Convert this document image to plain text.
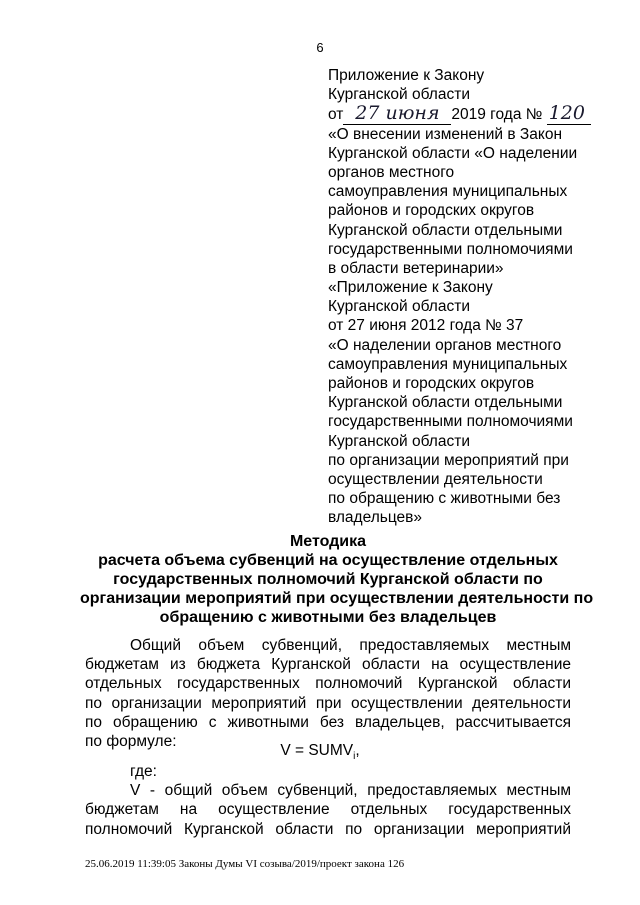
6
Приложение к Закону
Курганской области
от 27 июня 2019 года № 120
«О внесении изменений в Закон
Курганской области «О наделении
органов местного
самоуправления муниципальных
районов и городских округов
Курганской области отдельными
государственными полномочиями
в области ветеринарии»
«Приложение к Закону
Курганской области
от 27 июня 2012 года № 37
«О наделении органов местного
самоуправления муниципальных
районов и городских округов
Курганской области отдельными
государственными полномочиями
Курганской области
по организации мероприятий при
осуществлении деятельности
по обращению с животными без
владельцев»
Методика
расчета объема субвенций на осуществление отдельных
государственных полномочий Курганской области по
организации мероприятий при осуществлении деятельности по
обращению с животными без владельцев
Общий объем субвенций, предоставляемых местным
бюджетам из бюджета Курганской области на осуществление
отдельных государственных полномочий Курганской области
по организации мероприятий при осуществлении деятельности
по обращению с животными без владельцев, рассчитывается
по формуле:
$V = SUMV_i$,
где:
V - общий объем субвенций, предоставляемых местным
бюджетам на осуществление отдельных государственных
полномочий Курганской области по организации мероприятий
25.06.2019 11:39:05 Законы Думы VI созыва/2019/проект закона 126
